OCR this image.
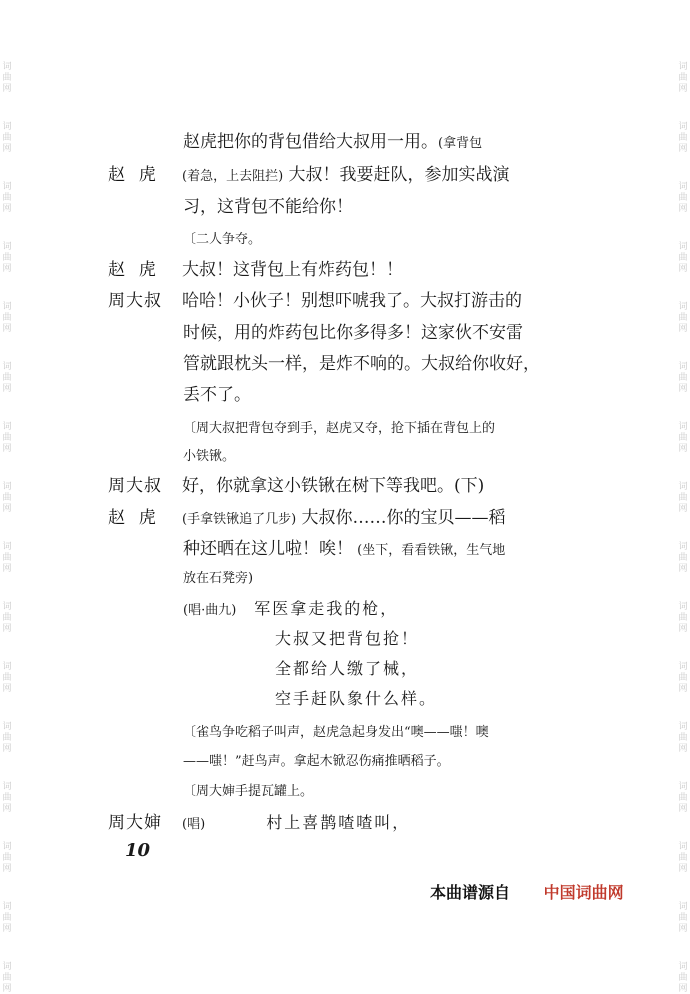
词
曲
网
词
曲
网
词
曲
网
词
曲
网
词
曲
网
词
曲
网
词
曲
网
词
曲
网
词
曲
网
词
曲
网
词
曲
网
词
曲
网
词
曲
网
词
曲
网
词
曲
网
词
曲
网
词
曲
网
词
曲
网
词
曲
网
词
曲
网
词
曲
网
词
曲
网
词
曲
网
词
曲
网
词
曲
网
词
曲
网
词
曲
网
词
曲
网
词
曲
网
词
曲
网
词
曲
网
词
曲
网
赵虎把你的背包借给大叔用一用。(拿背包
赵  虎 (着急，上去阻拦) 大叔！我要赶队，参加实战演
习，这背包不能给你！
〔二人争夺。
赵  虎 大叔！这背包上有炸药包！！
周大叔 哈哈！小伙子！别想吓唬我了。大叔打游击的
时候，用的炸药包比你多得多！这家伙不安雷
管就跟枕头一样，是炸不响的。大叔给你收好，
丢不了。
〔周大叔把背包夺到手，赵虎又夺，抢下插在背包上的
小铁锹。
周大叔 好，你就拿这小铁锹在树下等我吧。(下)
赵  虎 (手拿铁锹追了几步) 大叔你……你的宝贝——稻
种还晒在这儿啦！唉！ (坐下，看看铁锹，生气地
放在石凳旁)
(唱·曲九)　军医拿走我的枪，
大叔又把背包抢！
全都给人缴了械，
空手赶队象什么样。
〔雀鸟争吃稻子叫声，赵虎急起身发出“噢——嗤！噢
——嗤！”赶鸟声。拿起木锨忍伤痛推晒稻子。
〔周大婶手提瓦罐上。
周大婶 (唱)　　　 村上喜鹊喳喳叫，
10
本曲谱源自 中国词曲网
